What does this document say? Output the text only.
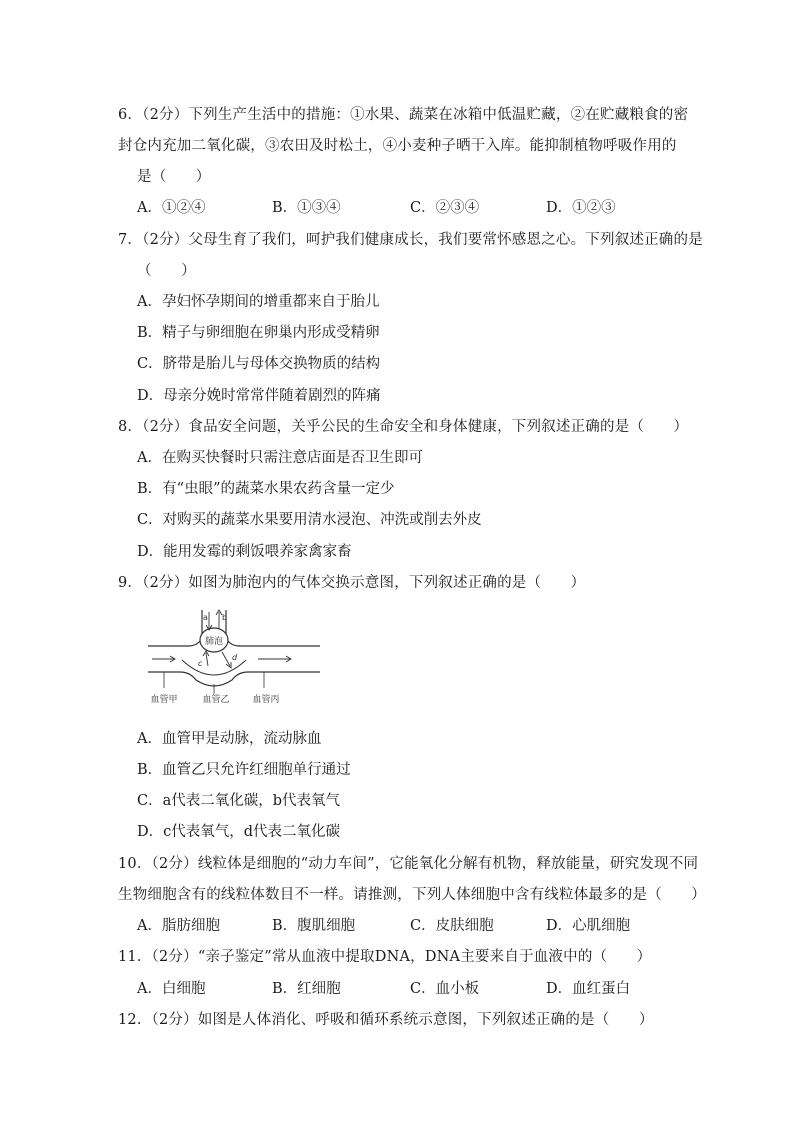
6．（2分）下列生产生活中的措施：①水果、蔬菜在冰箱中低温贮藏，②在贮藏粮食的密
封仓内充加二氧化碳，③农田及时松土，④小麦种子晒干入库。能抑制植物呼吸作用的
是（　　）
A．①②④	B．①③④	C．②③④	D．①②③
7．（2分）父母生育了我们，呵护我们健康成长，我们要常怀感恩之心。下列叙述正确的是
（　　）
A．孕妇怀孕期间的增重都来自于胎儿
B．精子与卵细胞在卵巢内形成受精卵
C．脐带是胎儿与母体交换物质的结构
D．母亲分娩时常常伴随着剧烈的阵痛
8．（2分）食品安全问题，关乎公民的生命安全和身体健康，下列叙述正确的是（　　）
A．在购买快餐时只需注意店面是否卫生即可
B．有“虫眼”的蔬菜水果农药含量一定少
C．对购买的蔬菜水果要用清水浸泡、冲洗或削去外皮
D．能用发霉的剩饭喂养家禽家畜
9．（2分）如图为肺泡内的气体交换示意图，下列叙述正确的是（　　）
肺泡
a b
c
d
血管甲	血管乙	血管丙
A．血管甲是动脉，流动脉血
B．血管乙只允许红细胞单行通过
C．a代表二氧化碳，b代表氧气
D．c代表氧气，d代表二氧化碳
10．（2分）线粒体是细胞的“动力车间”，它能氧化分解有机物，释放能量，研究发现不同
生物细胞含有的线粒体数目不一样。请推测，下列人体细胞中含有线粒体最多的是（　　）
A．脂肪细胞	B．腹肌细胞	C．皮肤细胞	D．心肌细胞
11．（2分）“亲子鉴定”常从血液中提取DNA，DNA主要来自于血液中的（　　）
A．白细胞	B．红细胞	C．血小板	D．血红蛋白
12．（2分）如图是人体消化、呼吸和循环系统示意图，下列叙述正确的是（　　）
